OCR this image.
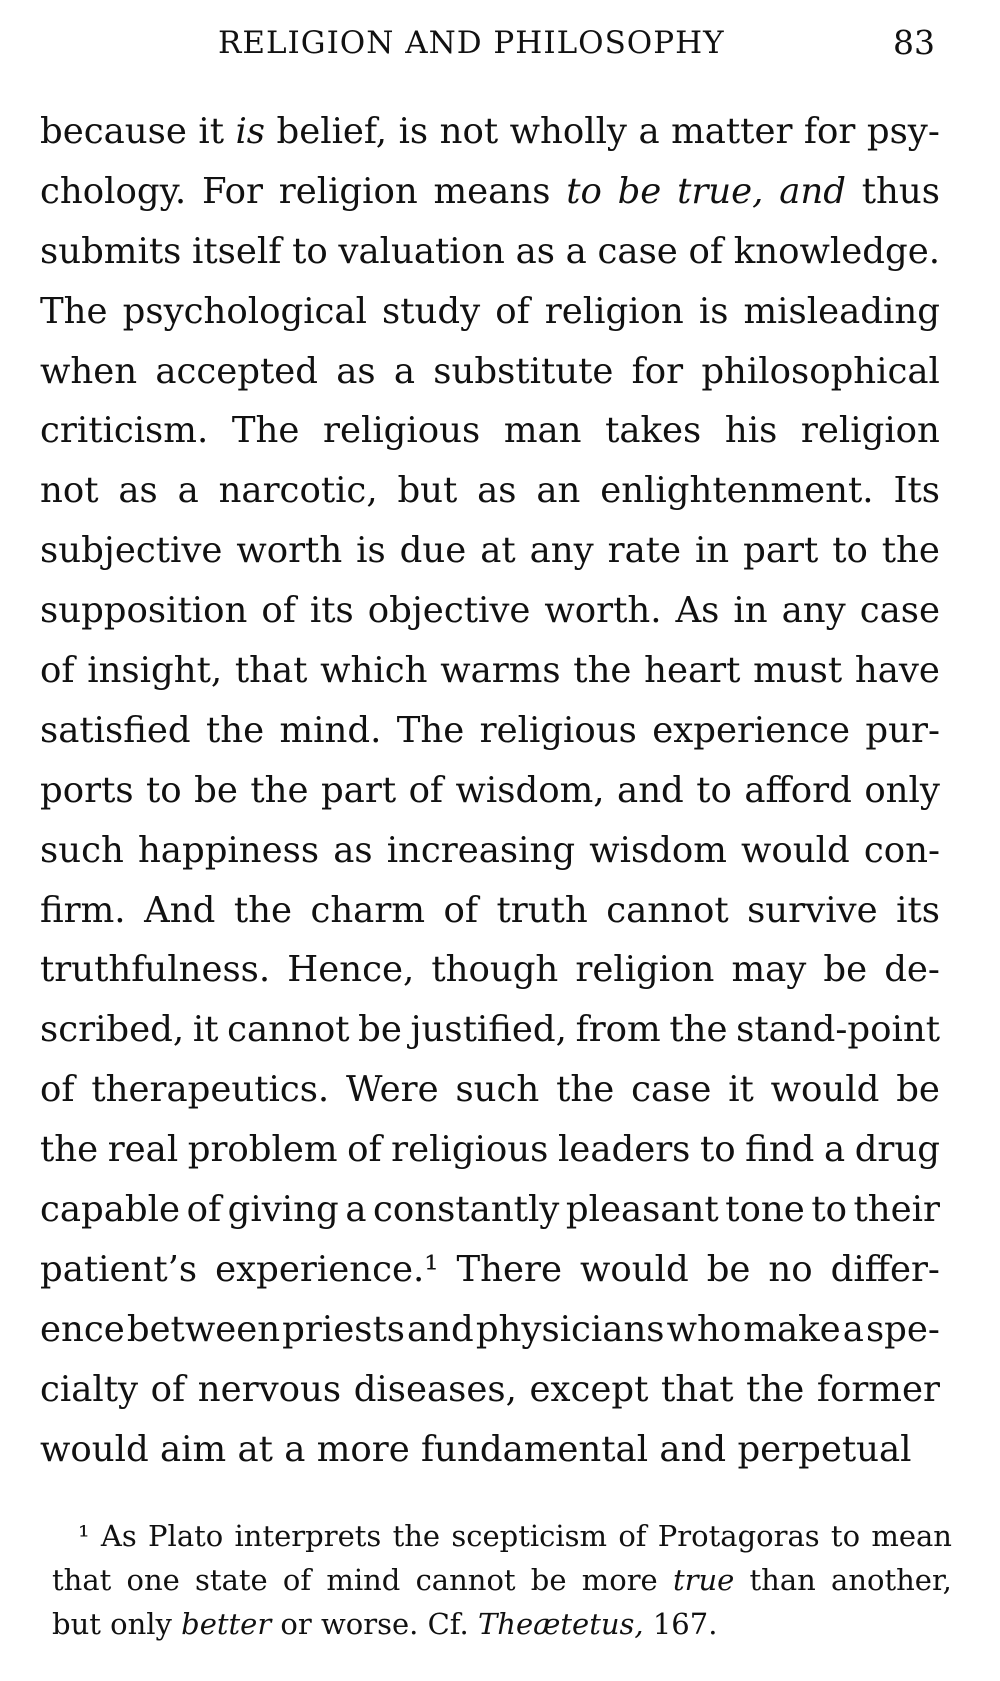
RELIGION AND PHILOSOPHY	83
because it is belief, is not wholly a matter for psy-
chology. For religion means to be true, and thus
submits itself to valuation as a case of knowledge.
The psychological study of religion is misleading
when accepted as a substitute for philosophical
criticism. The religious man takes his religion
not as a narcotic, but as an enlightenment. Its
subjective worth is due at any rate in part to the
supposition of its objective worth. As in any case
of insight, that which warms the heart must have
satisfied the mind. The religious experience pur-
ports to be the part of wisdom, and to afford only
such happiness as increasing wisdom would con-
firm. And the charm of truth cannot survive its
truthfulness. Hence, though religion may be de-
scribed, it cannot be justified, from the stand-point
of therapeutics. Were such the case it would be
the real problem of religious leaders to find a drug
capable of giving a constantly pleasant tone to their
patient’s experience.¹ There would be no differ-
ence between priests and physicians who make a spe-
cialty of nervous diseases, except that the former
would
aim
at
a
more
fundamental
and
perpetual
¹ As Plato interprets the scepticism of Protagoras to mean
that one state of mind cannot be more true than another,
but
only
better
or
worse.
Cf.
Theætetus,
167.
